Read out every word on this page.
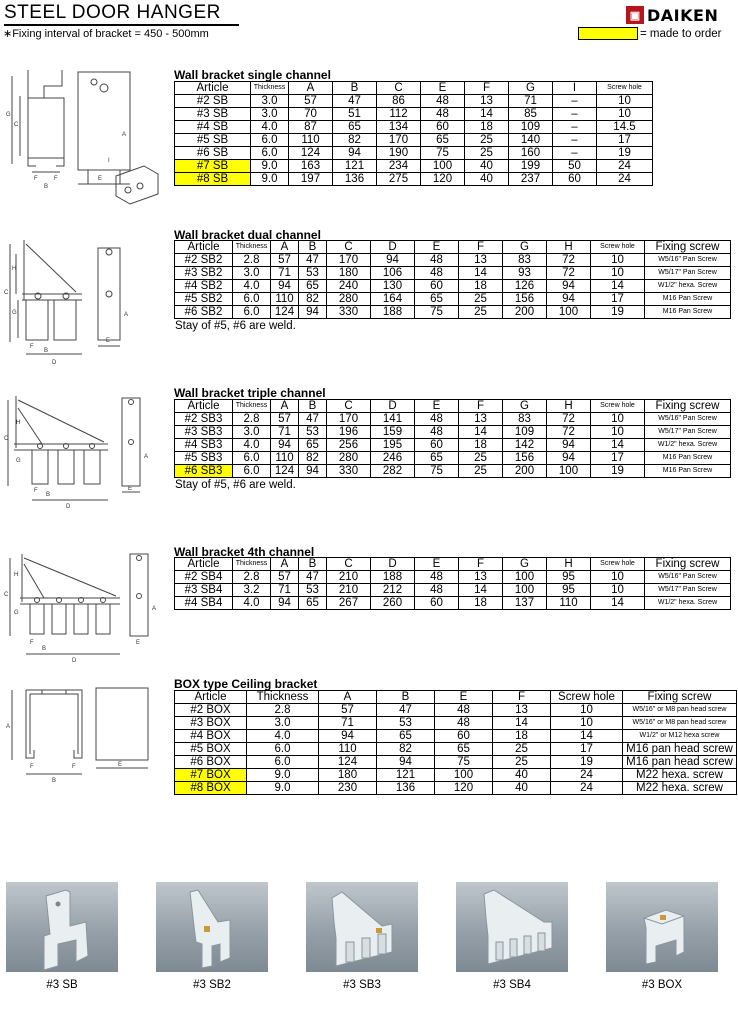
STEEL DOOR HANGER
∗Fixing interval of bracket = 450 - 500mm
▣ DAIKEN
= made to order
G
C
F	F
B
A
E
I
C
H
G
F
B
D
A
E
C
H
G
F
B
D
A
E
C
H
G
F
B
D
A
E
A
F	F
B
E
Wall bracket single channel
Article	Thickness	A	B	C	E	F	G	I	Screw hole
#2 SB	3.0	57	47	86	48	13	71	–	10
#3 SB	3.0	70	51	112	48	14	85	–	10
#4 SB	4.0	87	65	134	60	18	109	–	14.5
#5 SB	6.0	110	82	170	65	25	140	–	17
#6 SB	6.0	124	94	190	75	25	160	–	19
#7 SB	9.0	163	121	234	100	40	199	50	24
#8 SB	9.0	197	136	275	120	40	237	60	24
Wall bracket dual channel
Article	Thickness	A	B	C	D	E	F	G	H	Screw hole	Fixing screw
#2 SB2	2.8	57	47	170	94	48	13	83	72	10	W5/16" Pan Screw
#3 SB2	3.0	71	53	180	106	48	14	93	72	10	W5/17" Pan Screw
#4 SB2	4.0	94	65	240	130	60	18	126	94	14	W1/2" hexa. Screw
#5 SB2	6.0	110	82	280	164	65	25	156	94	17	M16 Pan Screw
#6 SB2	6.0	124	94	330	188	75	25	200	100	19	M16 Pan Screw
Stay of #5, #6 are weld.
Wall bracket triple channel
Article	Thickness	A	B	C	D	E	F	G	H	Screw hole	Fixing screw
#2 SB3	2.8	57	47	170	141	48	13	83	72	10	W5/16" Pan Screw
#3 SB3	3.0	71	53	196	159	48	14	109	72	10	W5/17" Pan Screw
#4 SB3	4.0	94	65	256	195	60	18	142	94	14	W1/2" hexa. Screw
#5 SB3	6.0	110	82	280	246	65	25	156	94	17	M16 Pan Screw
#6 SB3	6.0	124	94	330	282	75	25	200	100	19	M16 Pan Screw
Stay of #5, #6 are weld.
Wall bracket 4th channel
Article	Thickness	A	B	C	D	E	F	G	H	Screw hole	Fixing screw
#2 SB4	2.8	57	47	210	188	48	13	100	95	10	W5/16" Pan Screw
#3 SB4	3.2	71	53	210	212	48	14	100	95	10	W5/17" Pan Screw
#4 SB4	4.0	94	65	267	260	60	18	137	110	14	W1/2" hexa. Screw
BOX type Ceiling bracket
Article	Thickness	A	B	E	F	Screw hole	Fixing screw
#2 BOX	2.8	57	47	48	13	10	W5/16" or M8 pan head screw
#3 BOX	3.0	71	53	48	14	10	W5/16" or M8 pan head screw
#4 BOX	4.0	94	65	60	18	14	W1/2" or M12 hexa screw
#5 BOX	6.0	110	82	65	25	17	M16 pan head screw
#6 BOX	6.0	124	94	75	25	19	M16 pan head screw
#7 BOX	9.0	180	121	100	40	24	M22 hexa. screw
#8 BOX	9.0	230	136	120	40	24	M22 hexa. screw
#3 SB	#3 SB2	#3 SB3	#3 SB4	#3 BOX
